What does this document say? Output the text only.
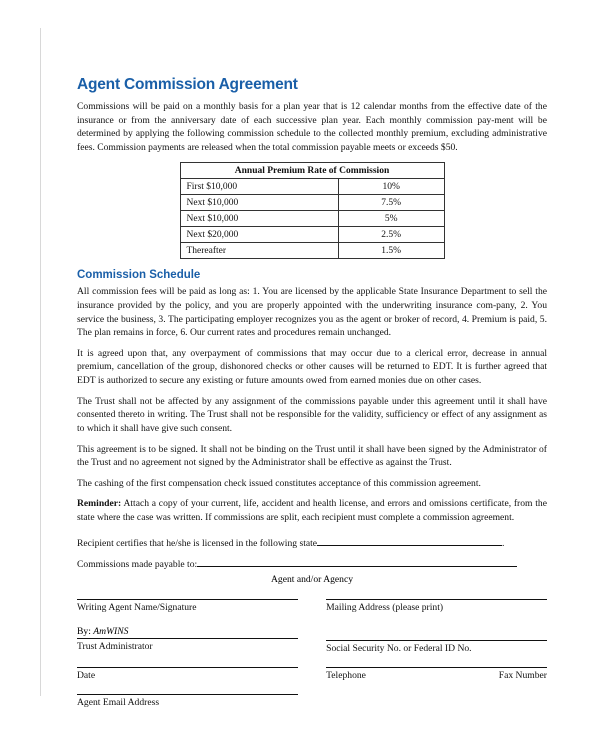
Agent Commission Agreement

Commissions will be paid on a monthly basis for a plan year that is 12 calendar months from the effective date of the insurance or from the anniversary date of each successive plan year. Each monthly commission pay-ment will be determined by applying the following commission schedule to the collected monthly premium, excluding administrative fees. Commission payments are released when the total commission payable meets or exceeds $50.

Annual Premium Rate of Commission	
First $10,000	10%
Next $10,000	7.5%
Next $10,000	5%
Next $20,000	2.5%
Thereafter	1.5%
Commission Schedule

All commission fees will be paid as long as: 1. You are licensed by the applicable State Insurance Department to sell the insurance provided by the policy, and you are properly appointed with the underwriting insurance com-pany, 2. You service the business, 3. The participating employer recognizes you as the agent or broker of record, 4. Premium is paid, 5. The plan remains in force, 6. Our current rates and procedures remain unchanged.

It is agreed upon that, any overpayment of commissions that may occur due to a clerical error, decrease in annual premium, cancellation of the group, dishonored checks or other causes will be returned to EDT. It is further agreed that EDT is authorized to secure any existing or future amounts owed from earned monies due on other cases.

The Trust shall not be affected by any assignment of the commissions payable under this agreement until it shall have consented thereto in writing. The Trust shall not be responsible for the validity, sufficiency or effect of any assignment as to which it shall have give such consent.

This agreement is to be signed. It shall not be binding on the Trust until it shall have been signed by the Administrator of the Trust and no agreement not signed by the Administrator shall be effective as against the Trust.

The cashing of the first compensation check issued constitutes acceptance of this commission agreement.

Reminder: Attach a copy of your current, life, accident and health license, and errors and omissions certificate, from the state where the case was written. If commissions are split, each recipient must complete a commission agreement.

Recipient certifies that he/she is licensed in the following state	.
Commissions made payable to:
Agent and/or Agency
Writing Agent Name/Signature	Mailing Address (please print)
By: AmWINS
Trust Administrator	Social Security No. or Federal ID No.
Date	Telephone	Fax Number
Agent Email Address
